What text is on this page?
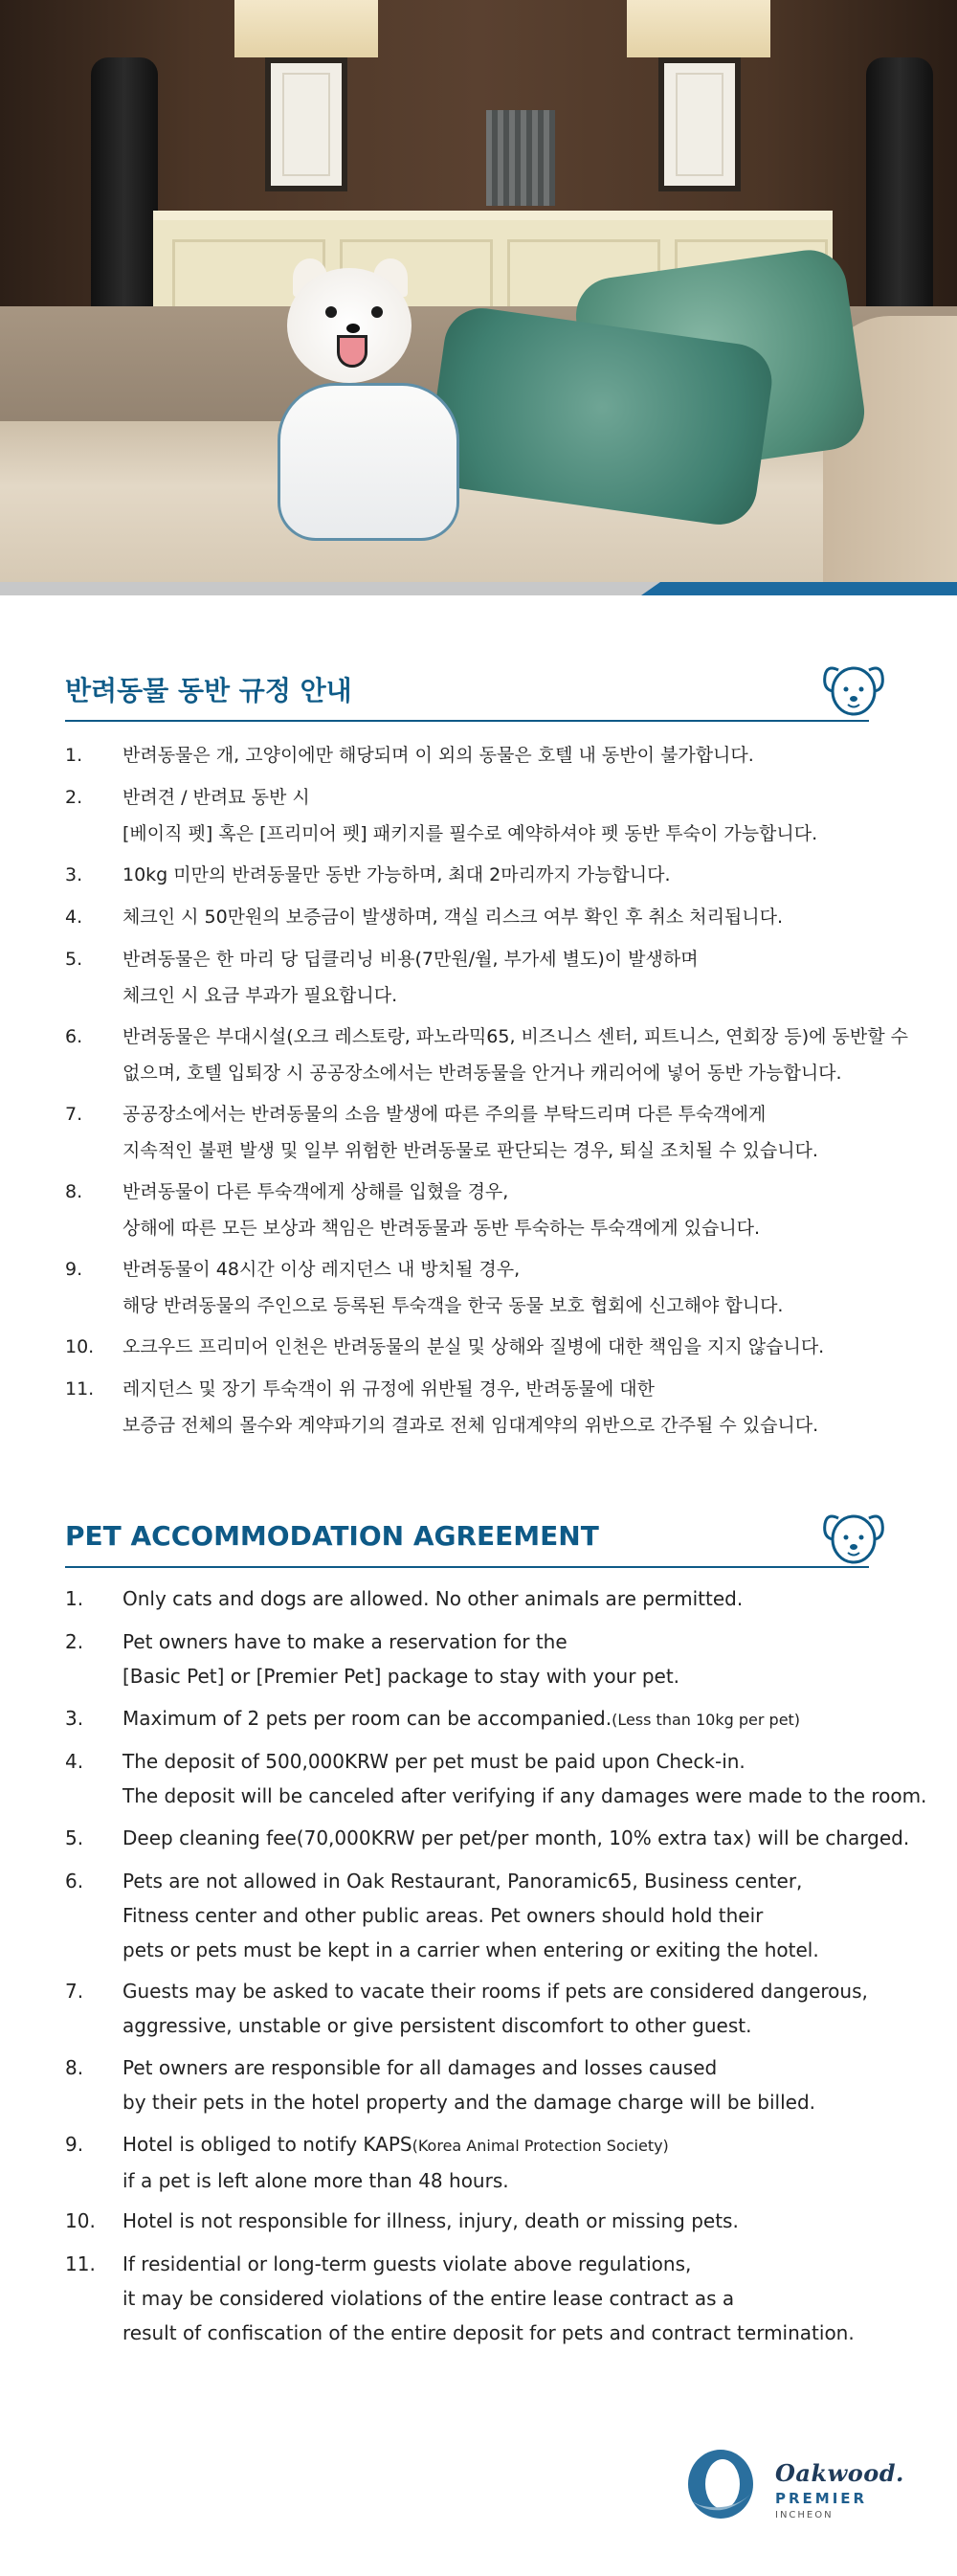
반려동물 동반 규정 안내
1.	반려동물은 개, 고양이에만 해당되며 이 외의 동물은 호텔 내 동반이 불가합니다.
2.	반려견 / 반려묘 동반 시
[베이직 펫] 혹은 [프리미어 펫] 패키지를 필수로 예약하셔야 펫 동반 투숙이 가능합니다.
3.	10kg 미만의 반려동물만 동반 가능하며, 최대 2마리까지 가능합니다.
4.	체크인 시 50만원의 보증금이 발생하며, 객실 리스크 여부 확인 후 취소 처리됩니다.
5.	반려동물은 한 마리 당 딥클리닝 비용(7만원/월, 부가세 별도)이 발생하며
체크인 시 요금 부과가 필요합니다.
6.	반려동물은 부대시설(오크 레스토랑, 파노라믹65, 비즈니스 센터, 피트니스, 연회장 등)에 동반할 수
없으며, 호텔 입퇴장 시 공공장소에서는 반려동물을 안거나 캐리어에 넣어 동반 가능합니다.
7.	공공장소에서는 반려동물의 소음 발생에 따른 주의를 부탁드리며 다른 투숙객에게
지속적인 불편 발생 및 일부 위험한 반려동물로 판단되는 경우, 퇴실 조치될 수 있습니다.
8.	반려동물이 다른 투숙객에게 상해를 입혔을 경우,
상해에 따른 모든 보상과 책임은 반려동물과 동반 투숙하는 투숙객에게 있습니다.
9.	반려동물이 48시간 이상 레지던스 내 방치될 경우,
해당 반려동물의 주인으로 등록된 투숙객을 한국 동물 보호 협회에 신고해야 합니다.
10.	오크우드 프리미어 인천은 반려동물의 분실 및 상해와 질병에 대한 책임을 지지 않습니다.
11.	레지던스 및 장기 투숙객이 위 규정에 위반될 경우, 반려동물에 대한
보증금 전체의 몰수와 계약파기의 결과로 전체 임대계약의 위반으로 간주될 수 있습니다.
PET ACCOMMODATION AGREEMENT
1.	Only cats and dogs are allowed. No other animals are permitted.
2.	Pet owners have to make a reservation for the
[Basic Pet] or [Premier Pet] package to stay with your pet.
3.	Maximum of 2 pets per room can be accompanied.(Less than 10kg per pet)
4.	The deposit of 500,000KRW per pet must be paid upon Check-in.
The deposit will be canceled after verifying if any damages were made to the room.
5.	Deep cleaning fee(70,000KRW per pet/per month, 10% extra tax) will be charged.
6.	Pets are not allowed in Oak Restaurant, Panoramic65, Business center,
Fitness center and other public areas. Pet owners should hold their
pets or pets must be kept in a carrier when entering or exiting the hotel.
7.	Guests may be asked to vacate their rooms if pets are considered dangerous,
aggressive, unstable or give persistent discomfort to other guest.
8.	Pet owners are responsible for all damages and losses caused
by their pets in the hotel property and the damage charge will be billed.
9.	Hotel is obliged to notify KAPS(Korea Animal Protection Society)
if a pet is left alone more than 48 hours.
10.	Hotel is not responsible for illness, injury, death or missing pets.
11.	If residential or long-term guests violate above regulations,
it may be considered violations of the entire lease contract as a
result of confiscation of the entire deposit for pets and contract termination.
Oakwood.
PREMIER
INCHEON
